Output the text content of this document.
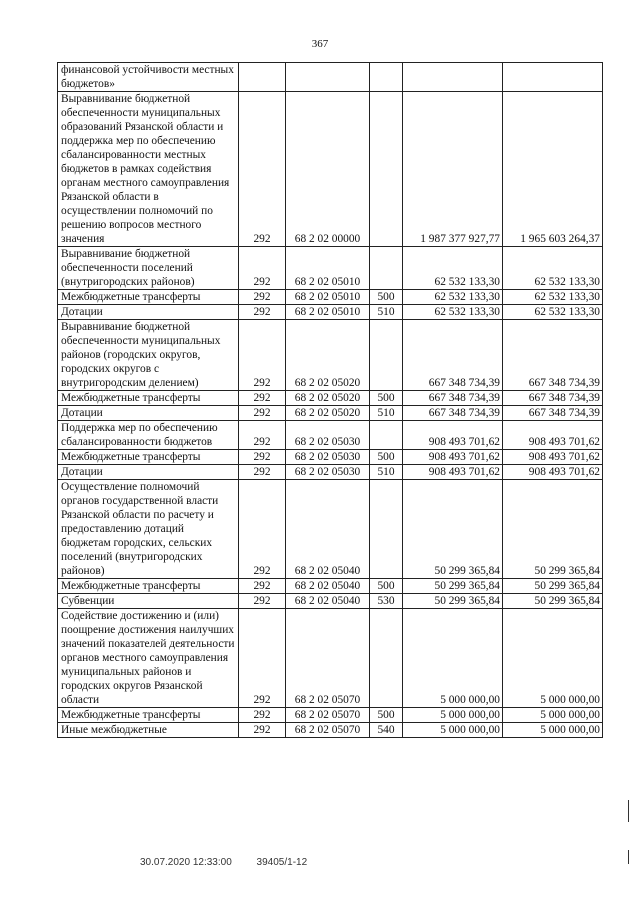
367
финансовой устойчивости местных бюджетов»					
Выравнивание бюджетной обеспеченности муниципальных образований Рязанской области и поддержка мер по обеспечению сбалансированности местных бюджетов в рамках содействия органам местного самоуправления Рязанской области в осуществлении полномочий по решению вопросов местного значения	292	68 2 02 00000		1 987 377 927,77	1 965 603 264,37
Выравнивание бюджетной обеспеченности поселений (внутригородских районов)	292	68 2 02 05010		62 532 133,30	62 532 133,30
Межбюджетные трансферты	292	68 2 02 05010	500	62 532 133,30	62 532 133,30
Дотации	292	68 2 02 05010	510	62 532 133,30	62 532 133,30
Выравнивание бюджетной обеспеченности муниципальных районов (городских округов, городских округов с внутригородским делением)	292	68 2 02 05020		667 348 734,39	667 348 734,39
Межбюджетные трансферты	292	68 2 02 05020	500	667 348 734,39	667 348 734,39
Дотации	292	68 2 02 05020	510	667 348 734,39	667 348 734,39
Поддержка мер по обеспечению сбалансированности бюджетов	292	68 2 02 05030		908 493 701,62	908 493 701,62
Межбюджетные трансферты	292	68 2 02 05030	500	908 493 701,62	908 493 701,62
Дотации	292	68 2 02 05030	510	908 493 701,62	908 493 701,62
Осуществление полномочий органов государственной власти Рязанской области по расчету и предоставлению дотаций бюджетам городских, сельских поселений (внутригородских районов)	292	68 2 02 05040		50 299 365,84	50 299 365,84
Межбюджетные трансферты	292	68 2 02 05040	500	50 299 365,84	50 299 365,84
Субвенции	292	68 2 02 05040	530	50 299 365,84	50 299 365,84
Содействие достижению и (или) поощрение достижения наилучших значений показателей деятельности органов местного самоуправления муниципальных районов и городских округов Рязанской области	292	68 2 02 05070		5 000 000,00	5 000 000,00
Межбюджетные трансферты	292	68 2 02 05070	500	5 000 000,00	5 000 000,00
Иные межбюджетные	292	68 2 02 05070	540	5 000 000,00	5 000 000,00
30.07.2020 12:33:00 39405/1-12
